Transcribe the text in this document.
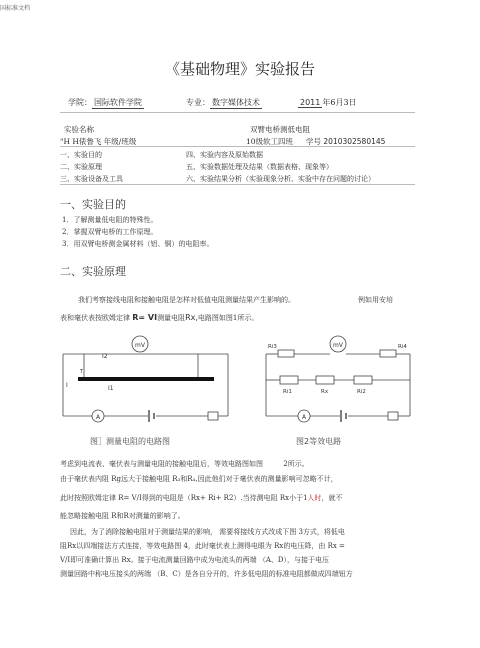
国标准文档
《基础物理》实验报告
学院： 国际软件学院	专业： 数字媒体技术	2011 年6月3日
实验名称	双臂电桥测低电阻
"H H俵鲁飞 年级/班级	10级软工四班 学号 2010302580145
一、实验目的
二、实验原理
三、实验设备及工具
四、实验内容及原始数据
五、实验数据处理及结果（数据表格、现象等）
六、实验结果分析（实验现象分析、实验中存在问题的讨论）
一、实验目的
1．了解测量低电阻的特殊性。
2．掌握双臂电桥的工作原理。
3．用双臂电桥测金属材料（铝、铜）的电阻率。
二、实验原理
我们考察接线电阻和接触电阻是怎样对低值电阻测量结果产生影响的。	例如用安培
表和毫伏表按欧姆定律 R= VI测量电阻Rx,电路图如图1所示。
mV
A
I2
I1
I
T
mV
A
Ri3	Ri4
Ri1	Rx	Ri2
图］测量电阻的电路图	图2等效电路
考虑到电流表、毫伏表与测量电阻的接触电阻后，等效电路图如图	2所示。
由于毫伏表内阻 Rg远大于接触电阻 R₃和R₄,因此他们对于毫伏表的测量影响可忽略不计，
此时按照欧姆定律 R= V/I得到的电阻是（Rx+ Ri+ R2）.当待测电阻 Rx小于1人时，就不
能忽略接触电阻 R和R对测量的影响了。
因此，为了消除接触电阻对于测量结果的影响， 需要将接线方式改成下图 3方式，将低电
阻Rx以四端接法方式连接，等效电路图 4，此时毫伏表上测得电眼为 Rx的电压降，由 Rx =
V/I即可准确计算出 Rx。接于电流测量回路中成为电流头的两端 （A、D），与接于电压
测量回路中称电压接头的两端 （B、C）是各自分开的，许多低电阻的标准电阻都做成四端钮方
